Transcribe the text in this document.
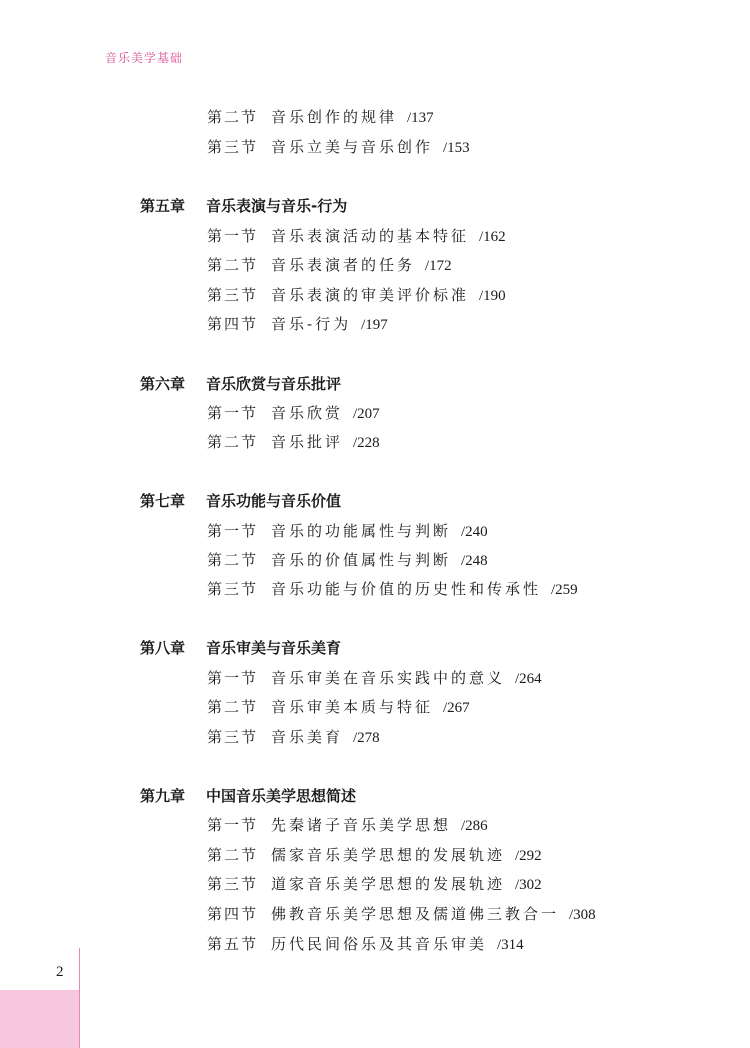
音乐美学基础
第二节 音乐创作的规律 /137
第三节 音乐立美与音乐创作 /153
第五章 音乐表演与音乐-行为
第一节 音乐表演活动的基本特征 /162
第二节 音乐表演者的任务 /172
第三节 音乐表演的审美评价标准 /190
第四节 音乐-行为 /197
第六章 音乐欣赏与音乐批评
第一节 音乐欣赏 /207
第二节 音乐批评 /228
第七章 音乐功能与音乐价值
第一节 音乐的功能属性与判断 /240
第二节 音乐的价值属性与判断 /248
第三节 音乐功能与价值的历史性和传承性 /259
第八章 音乐审美与音乐美育
第一节 音乐审美在音乐实践中的意义 /264
第二节 音乐审美本质与特征 /267
第三节 音乐美育 /278
第九章 中国音乐美学思想简述
第一节 先秦诸子音乐美学思想 /286
第二节 儒家音乐美学思想的发展轨迹 /292
第三节 道家音乐美学思想的发展轨迹 /302
第四节 佛教音乐美学思想及儒道佛三教合一 /308
第五节 历代民间俗乐及其音乐审美 /314
2
